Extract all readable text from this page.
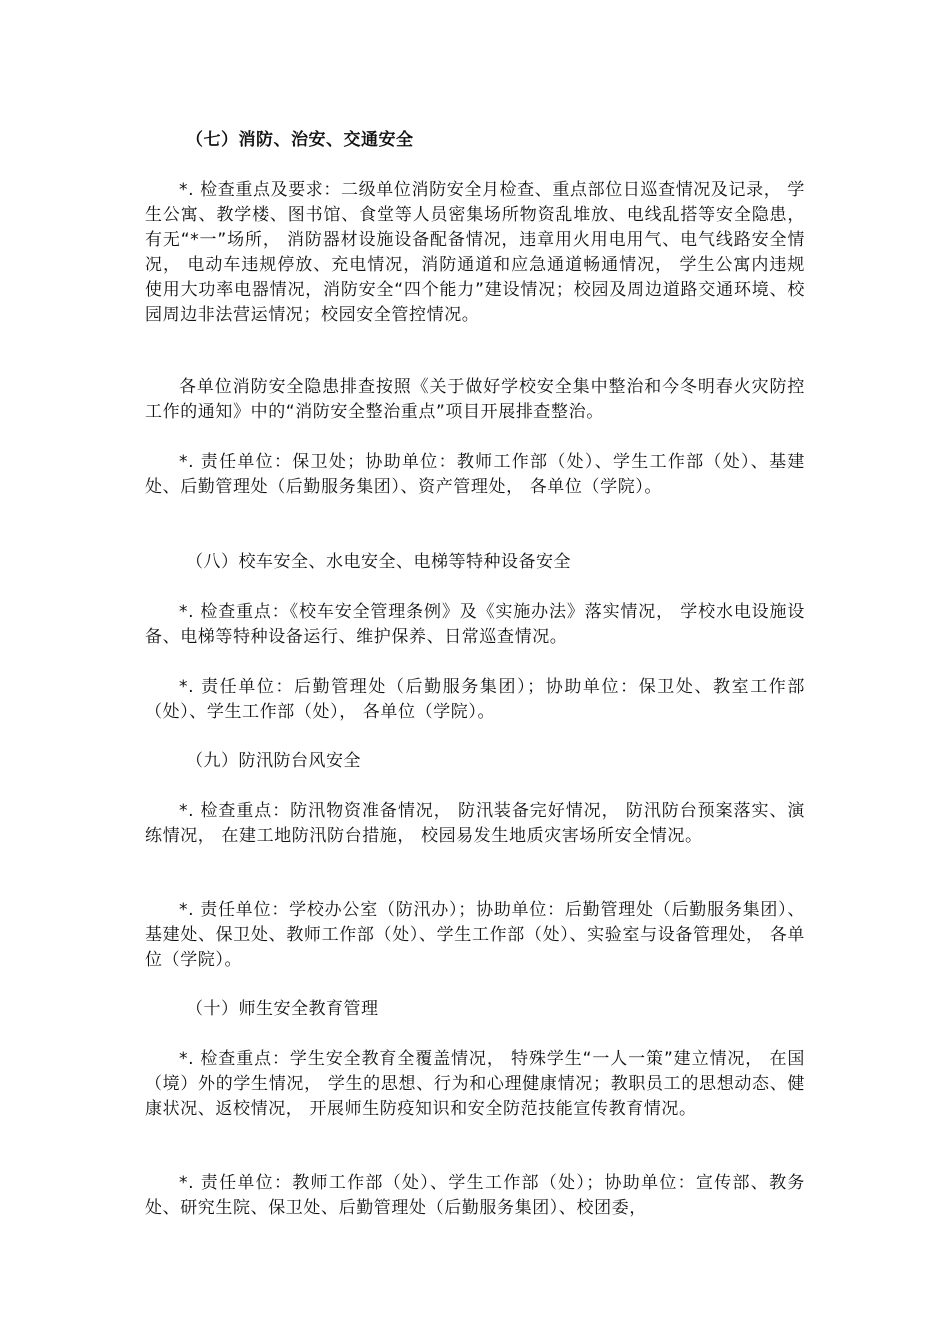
（七）消防、治安、交通安全
*. 检查重点及要求：二级单位消防安全月检查、重点部位日巡查情况及记录， 学生公寓、教学楼、图书馆、食堂等人员密集场所物资乱堆放、电线乱搭等安全隐患， 有无“*一”场所， 消防器材设施设备配备情况，违章用火用电用气、电气线路安全情况， 电动车违规停放、充电情况，消防通道和应急通道畅通情况， 学生公寓内违规使用大功率电器情况，消防安全“四个能力”建设情况；校园及周边道路交通环境、校园周边非法营运情况；校园安全管控情况。
各单位消防安全隐患排查按照《关于做好学校安全集中整治和今冬明春火灾防控工作的通知》中的“消防安全整治重点”项目开展排查整治。
*. 责任单位：保卫处；协助单位：教师工作部（处）、学生工作部（处）、基建处、后勤管理处（后勤服务集团）、资产管理处， 各单位（学院）。
（八）校车安全、水电安全、电梯等特种设备安全
*. 检查重点：《校车安全管理条例》及《实施办法》落实情况， 学校水电设施设备、电梯等特种设备运行、维护保养、日常巡查情况。
*. 责任单位：后勤管理处（后勤服务集团）；协助单位：保卫处、教室工作部（处）、学生工作部（处）， 各单位（学院）。
（九）防汛防台风安全
*. 检查重点：防汛物资准备情况， 防汛装备完好情况， 防汛防台预案落实、演练情况， 在建工地防汛防台措施， 校园易发生地质灾害场所安全情况。
*. 责任单位：学校办公室（防汛办）；协助单位：后勤管理处（后勤服务集团）、基建处、保卫处、教师工作部（处）、学生工作部（处）、实验室与设备管理处， 各单位（学院）。
（十）师生安全教育管理
*. 检查重点：学生安全教育全覆盖情况， 特殊学生“一人一策”建立情况， 在国（境）外的学生情况， 学生的思想、行为和心理健康情况；教职员工的思想动态、健康状况、返校情况， 开展师生防疫知识和安全防范技能宣传教育情况。
*. 责任单位：教师工作部（处）、学生工作部（处）；协助单位：宣传部、教务处、研究生院、保卫处、后勤管理处（后勤服务集团）、校团委，
